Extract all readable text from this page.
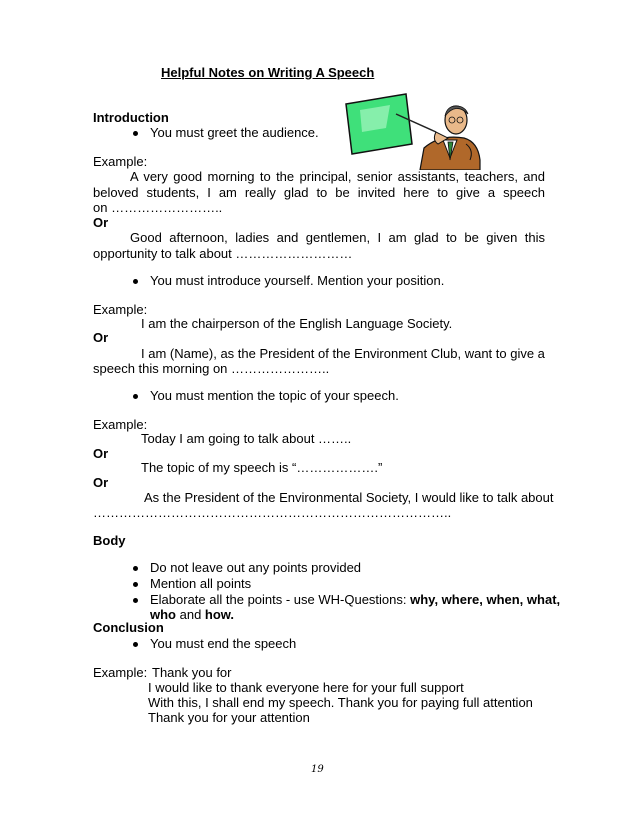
Helpful Notes on Writing A Speech
Introduction
You must greet the audience.
Example:
A very good morning to the principal, senior assistants, teachers, and
beloved students, I am really glad to be invited here to give a speech
on ……………………..
Or
Good afternoon, ladies and gentlemen, I am glad to be given this
opportunity to talk about ………………………
You must introduce yourself. Mention your position.
Example:
I am the chairperson of the English Language Society.
Or
I am (Name), as the President of the Environment Club, want to give a
speech this morning on …………………..
You must mention the topic of your speech.
Example:
Today I am going to talk about ……..
Or
The topic of my speech is “……………….”
Or
As the President of the Environmental Society, I would like to talk about
………………………………………………………………………..
Body
Do not leave out any points provided
Mention all points
Elaborate all the points - use WH-Questions: why, where, when, what,
who and how.
Conclusion
You must end the speech
Example: Thank you for
I would like to thank everyone here for your full support
With this, I shall end my speech. Thank you for paying full attention
Thank you for your attention
19
